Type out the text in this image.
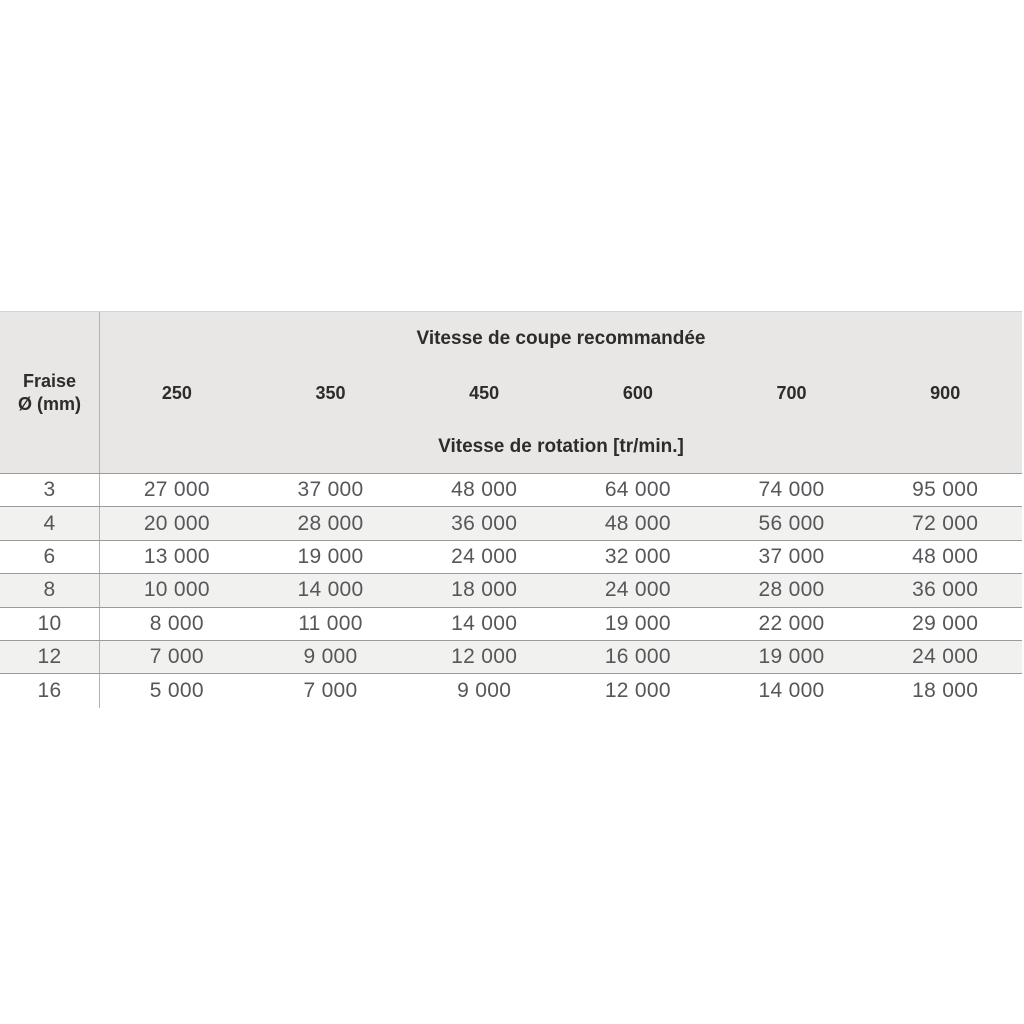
Fraise
Ø (mm)
Vitesse de coupe recommandée
250	350	450	600	700	900
Vitesse de rotation [tr/min.]
3	27 000	37 000	48 000	64 000	74 000	95 000
4	20 000	28 000	36 000	48 000	56 000	72 000
6	13 000	19 000	24 000	32 000	37 000	48 000
8	10 000	14 000	18 000	24 000	28 000	36 000
10	8 000	11 000	14 000	19 000	22 000	29 000
12	7 000	9 000	12 000	16 000	19 000	24 000
16	5 000	7 000	9 000	12 000	14 000	18 000
